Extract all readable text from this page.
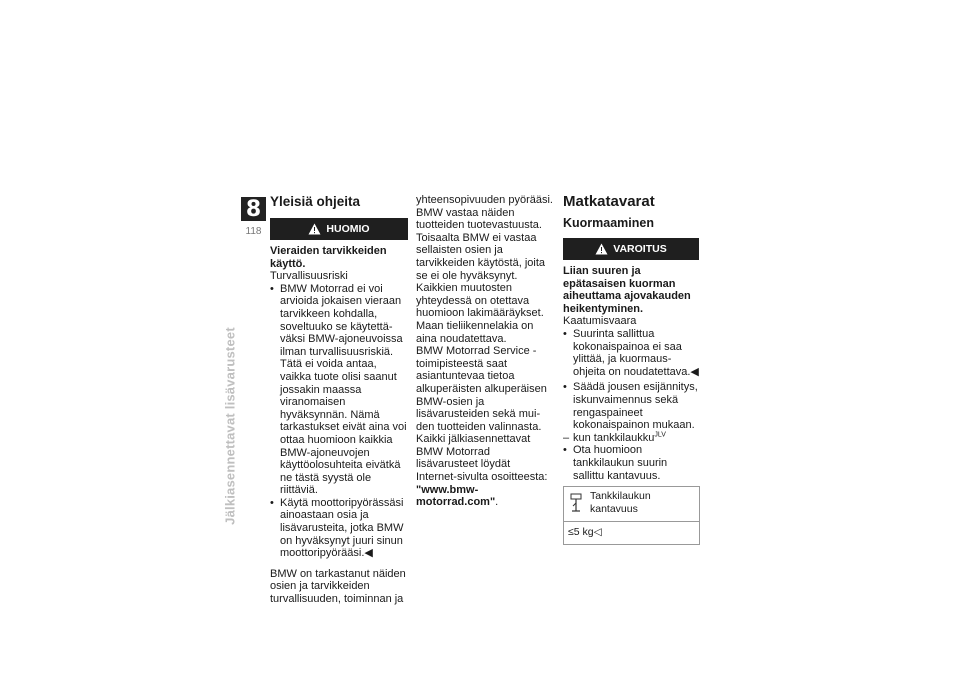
8
118
Jälkiasennettavat lisävarusteet
Yleisiä ohjeita
HUOMIO

Vieraiden tarvikkeiden käyttö.

Turvallisuusriski

• BMW Motorrad ei voi arvioida jokaisen vieraan tarvikkeen kohdalla, soveltuuko se käytettäväksi BMW-ajoneuvoissa ilman turvallisuusriskiä. Tätä ei voida antaa, vaikka tuote olisi saanut jossakin maassa viranomaisen hyväksynnän. Nämä tarkastukset eivät aina voi ottaa huomioon kaikkia BMW-ajoneuvojen käyttöolosuhteita eivätkä ne tästä syystä ole riittäviä.
• Käytä moottoripyörässäsi ainoastaan osia ja lisävarusteita, jotka BMW on hyväksynyt juuri sinun moottoripyörääsi.◀

BMW on tarkastanut näiden osien ja tarvikkeiden turvallisuuden, toiminnan ja

yhteensopivuuden pyörääsi. BMW vastaa näiden tuotteiden tuotevastuusta. Toisaalta BMW ei vastaa sellaisten osien ja tarvikkeiden käytöstä, joita se ei ole hyväksynyt.

Kaikkien muutosten yhteydessä on otettava huomioon lakimääräykset. Maan tieliikennelakia on aina noudatettava.

BMW Motorrad Service -toimipisteestä saat asiantuntevaa tietoa alkuperäisten alkuperäisen BMW-osien ja lisävarusteiden sekä muiden tuotteiden valinnasta.

Kaikki jälkiasennettavat BMW Motorrad lisävarusteet löydät Internet-sivulta osoitteesta:

"www.bmw-motorrad.com".

Matkatavarat
Kuormaaminen
VAROITUS

Liian suuren ja epätasaisen kuorman aiheuttama ajovakauden heikentyminen.

Kaatumisvaara

• Suurinta sallittua kokonaispainoa ei saa ylittää, ja kuormausohjeita on noudatettava.◀
• Säädä jousen esijännitys, iskunvaimennus sekä rengaspaineet kokonaispainon mukaan.
– kun tankkilaukku$^{JLV}$
• Ota huomioon tankkilaukun suurin sallittu kantavuus.
Tankkilaukun kantavuus
≤5 kg◁
